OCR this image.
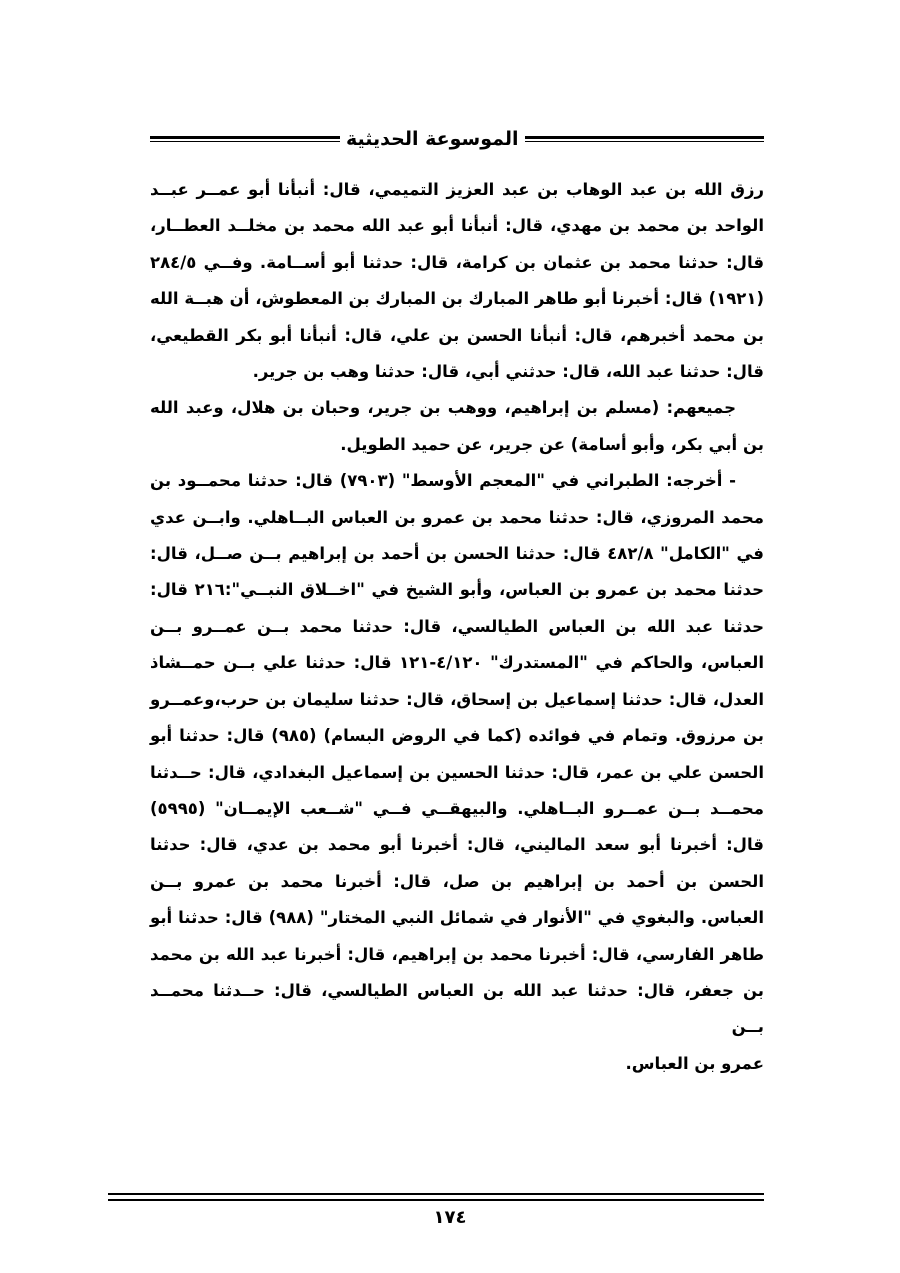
الموسوعة الحديثية

رزق الله بن عبد الوهاب بن عبد العزيز التميمي، قال: أنبأنا أبو عمــر عبــد الواحد بن محمد بن مهدي، قال: أنبأنا أبو عبد الله محمد بن مخلــد العطــار، قال: حدثنا محمد بن عثمان بن كرامة، قال: حدثنا أبو أســامة. وفــي ٢٨٤/٥ (١٩٢١) قال: أخبرنا أبو طاهر المبارك بن المبارك بن المعطوش، أن هبــة الله بن محمد أخبرهم، قال: أنبأنا الحسن بن علي، قال: أنبأنا أبو بكر القطيعي، قال: حدثنا عبد الله، قال: حدثني أبي، قال: حدثنا وهب بن جرير.

جميعهم: (مسلم بن إبراهيم، ووهب بن جرير، وحبان بن هلال، وعبد الله بن أبي بكر، وأبو أسامة) عن جرير، عن حميد الطويل.

- أخرجه: الطبراني في "المعجم الأوسط" (٧٩٠٣) قال: حدثنا محمــود بن محمد المروزي، قال: حدثنا محمد بن عمرو بن العباس البــاهلي. وابــن عدي في "الكامل" ٤٨٢/٨ قال: حدثنا الحسن بن أحمد بن إبراهيم بــن صــل، قال: حدثنا محمد بن عمرو بن العباس، وأبو الشيخ في "اخــلاق النبــي":٢١٦ قال: حدثنا عبد الله بن العباس الطيالسي، قال: حدثنا محمد بــن عمــرو بــن العباس، والحاكم في "المستدرك" ٤/١٢٠-١٢١ قال: حدثنا علي بــن حمــشاذ العدل، قال: حدثنا إسماعيل بن إسحاق، قال: حدثنا سليمان بن حرب،وعمــرو بن مرزوق. وتمام في فوائده (كما في الروض البسام) (٩٨٥) قال: حدثنا أبو الحسن علي بن عمر، قال: حدثنا الحسين بن إسماعيل البغدادي، قال: حــدثنا محمــد بــن عمــرو البــاهلي. والبيهقــي فــي "شــعب الإيمــان" (٥٩٩٥) قال: أخبرنا أبو سعد الماليني، قال: أخبرنا أبو محمد بن عدي، قال: حدثنا الحسن بن أحمد بن إبراهيم بن صل، قال: أخبرنا محمد بن عمرو بــن العباس. والبغوي في "الأنوار في شمائل النبي المختار" (٩٨٨) قال: حدثنا أبو طاهر الفارسي، قال: أخبرنا محمد بن إبراهيم، قال: أخبرنا عبد الله بن محمد بن جعفر، قال: حدثنا عبد الله بن العباس الطيالسي، قال: حــدثنا محمــد بــن

عمرو بن العباس.

١٧٤
